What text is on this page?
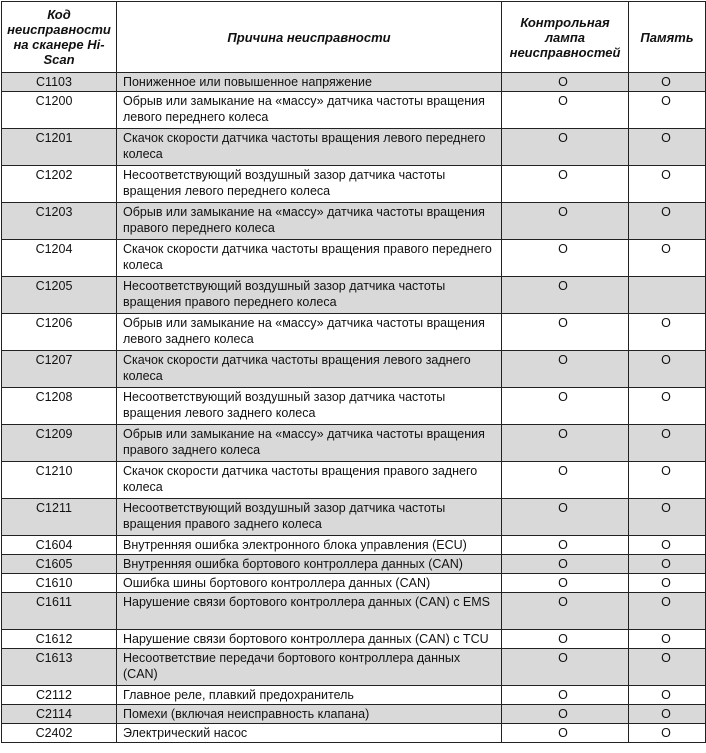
Код неисправности на сканере Hi-Scan	Причина неисправности	Контрольная лампа неисправностей	Память
C1103	Пониженное или повышенное напряжение	O	O
C1200	Обрыв или замыкание на «массу» датчика частоты вращения левого переднего колеса	O	O
C1201	Скачок скорости датчика частоты вращения левого переднего колеса	O	O
C1202	Несоответствующий воздушный зазор датчика частоты вращения левого переднего колеса	O	O
C1203	Обрыв или замыкание на «массу» датчика частоты вращения правого переднего колеса	O	O
C1204	Скачок скорости датчика частоты вращения правого переднего колеса	O	O
C1205	Несоответствующий воздушный зазор датчика частоты вращения правого переднего колеса	O	
C1206	Обрыв или замыкание на «массу» датчика частоты вращения левого заднего колеса	O	O
C1207	Скачок скорости датчика частоты вращения левого заднего колеса	O	O
C1208	Несоответствующий воздушный зазор датчика частоты вращения левого заднего колеса	O	O
C1209	Обрыв или замыкание на «массу» датчика частоты вращения правого заднего колеса	O	O
C1210	Скачок скорости датчика частоты вращения правого заднего колеса	O	O
C1211	Несоответствующий воздушный зазор датчика частоты вращения правого заднего колеса	O	O
C1604	Внутренняя ошибка электронного блока управления (ECU)	O	O
C1605	Внутренняя ошибка бортового контроллера данных (CAN)	O	O
C1610	Ошибка шины бортового контроллера данных (CAN)	O	O
C1611	Нарушение связи бортового контроллера данных (CAN) с EMS	O	O
C1612	Нарушение связи бортового контроллера данных (CAN) с TCU	O	O
C1613	Несоответствие передачи бортового контроллера данных (CAN)	O	O
C2112	Главное реле, плавкий предохранитель	O	O
C2114	Помехи (включая неисправность клапана)	O	O
C2402	Электрический насос	O	O
